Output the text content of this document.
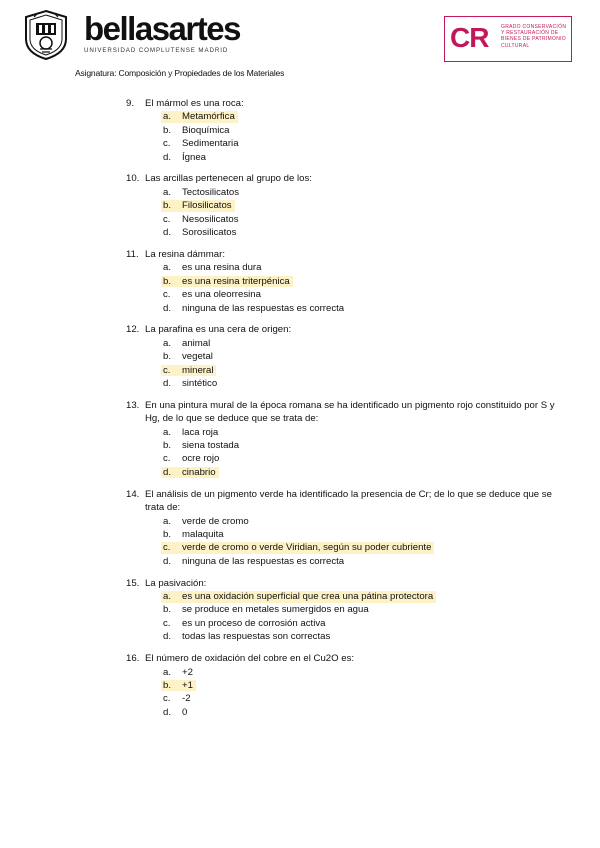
bellasartes
UNIVERSIDAD COMPLUTENSE MADRID	CR	GRADO CONSERVACIÓN Y RESTAURACIÓN DE BIENES DE PATRIMONIO CULTURAL
Asignatura: Composición y Propiedades de los Materiales
9. El mármol es una roca:
a. Metamórfica
b. Bioquímica
c. Sedimentaria
d. Ígnea
10. Las arcillas pertenecen al grupo de los:
a. Tectosilicatos
b. Filosilicatos
c. Nesosilicatos
d. Sorosilicatos
11. La resina dámmar:
a. es una resina dura
b. es una resina triterpénica
c. es una oleorresina
d. ninguna de las respuestas es correcta
12. La parafina es una cera de origen:
a. animal
b. vegetal
c. mineral
d. sintético
13. En una pintura mural de la época romana se ha identificado un pigmento rojo constituido por S y Hg, de lo que se deduce que se trata de:
a. laca roja
b. siena tostada
c. ocre rojo
d. cinabrio
14. El análisis de un pigmento verde ha identificado la presencia de Cr; de lo que se deduce que se trata de:
a. verde de cromo
b. malaquita
c. verde de cromo o verde Viridian, según su poder cubriente
d. ninguna de las respuestas es correcta
15. La pasivación:
a. es una oxidación superficial que crea una pátina protectora
b. se produce en metales sumergidos en agua
c. es un proceso de corrosión activa
d. todas las respuestas son correctas
16. El número de oxidación del cobre en el Cu2O es:
a. +2
b. +1
c. -2
d. 0
